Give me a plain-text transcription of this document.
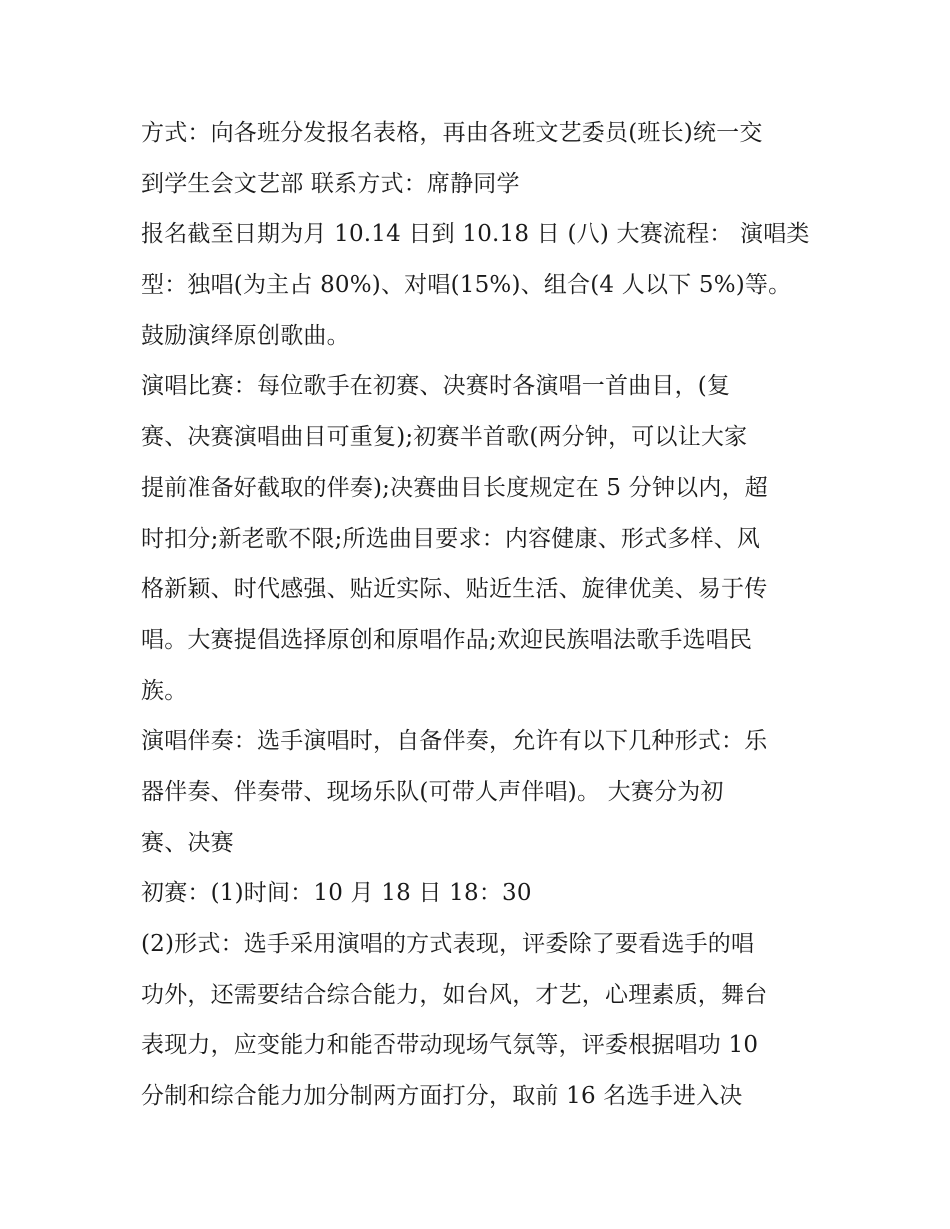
方式：向各班分发报名表格，再由各班文艺委员(班长)统一交
到学生会文艺部 联系方式：席静同学
报名截至日期为月 10.14 日到 10.18 日 (八) 大赛流程： 演唱类
型：独唱(为主占 80%)、对唱(15%)、组合(4 人以下 5%)等。
鼓励演绎原创歌曲。
演唱比赛：每位歌手在初赛、决赛时各演唱一首曲目，(复
赛、决赛演唱曲目可重复);初赛半首歌(两分钟，可以让大家
提前准备好截取的伴奏);决赛曲目长度规定在 5 分钟以内，超
时扣分;新老歌不限;所选曲目要求：内容健康、形式多样、风
格新颖、时代感强、贴近实际、贴近生活、旋律优美、易于传
唱。大赛提倡选择原创和原唱作品;欢迎民族唱法歌手选唱民
族。
演唱伴奏：选手演唱时，自备伴奏，允许有以下几种形式：乐
器伴奏、伴奏带、现场乐队(可带人声伴唱)。 大赛分为初
赛、决赛
初赛：(1)时间：10 月 18 日 18：30
(2)形式：选手采用演唱的方式表现，评委除了要看选手的唱
功外，还需要结合综合能力，如台风，才艺，心理素质，舞台
表现力，应变能力和能否带动现场气氛等，评委根据唱功 10
分制和综合能力加分制两方面打分，取前 16 名选手进入决
